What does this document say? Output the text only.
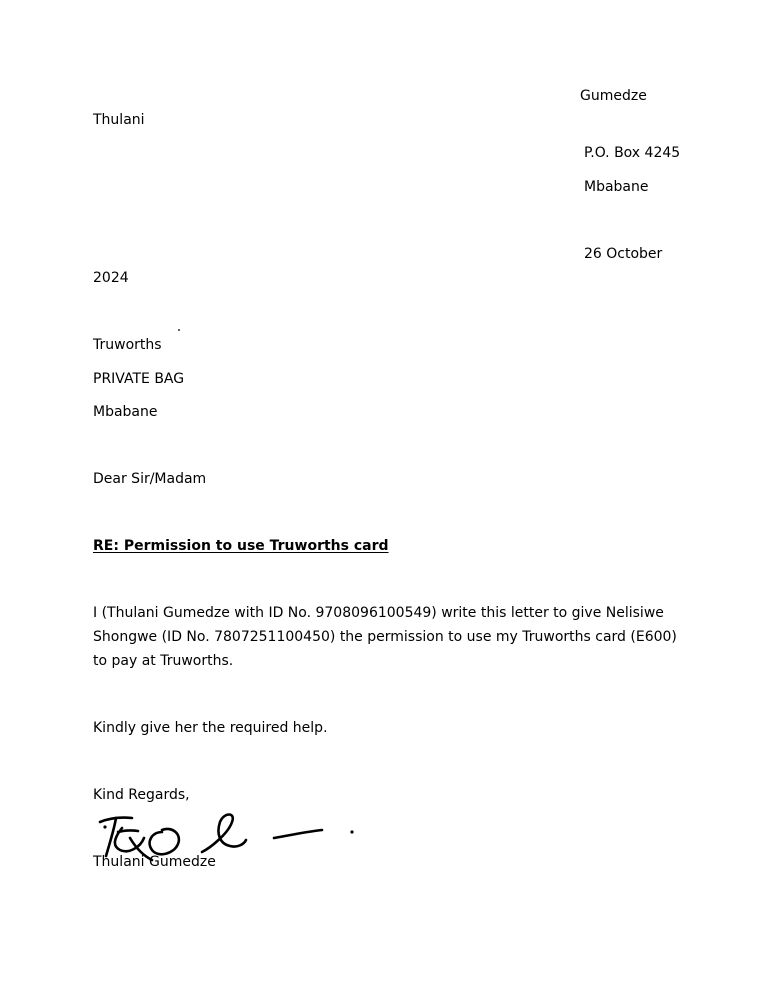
Gumedze

Thulani

P.O. Box 4245

Mbabane

26 October

2024

Truworths

PRIVATE BAG

Mbabane

Dear Sir/Madam

RE: Permission to use Truworths card

I (Thulani Gumedze with ID No. 9708096100549) write this letter to give Nelisiwe Shongwe (ID No. 7807251100450) the permission to use my Truworths card (E600) to pay at Truworths.

Kindly give her the required help.

Kind Regards,

Thulani Gumedze
